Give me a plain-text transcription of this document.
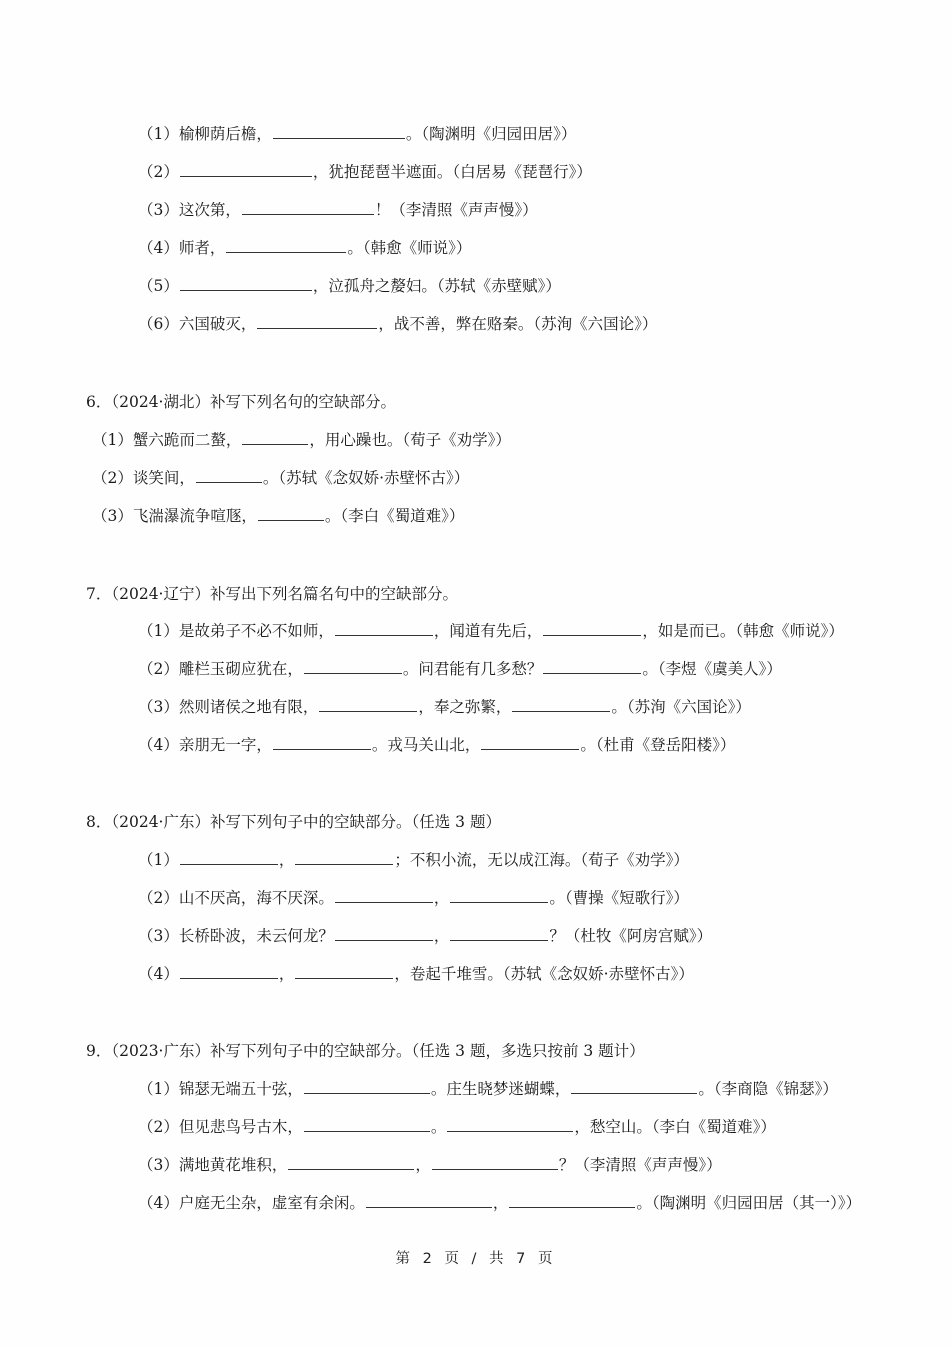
（1）榆柳荫后檐，	。（陶渊明《归园田居》）
（2）	，犹抱琵琶半遮面。（白居易《琵琶行》）
（3）这次第，	！（李清照《声声慢》）
（4）师者，	。（韩愈《师说》）
（5）	，泣孤舟之嫠妇。（苏轼《赤壁赋》）
（6）六国破灭，	，战不善，弊在赂秦。（苏洵《六国论》）
6．（2024·湖北）补写下列名句的空缺部分。
（1）蟹六跪而二螯，	，用心躁也。（荀子《劝学》）
（2）谈笑间，	。（苏轼《念奴娇·赤壁怀古》）
（3）飞湍瀑流争喧豗，	。（李白《蜀道难》）
7．（2024·辽宁）补写出下列名篇名句中的空缺部分。
（1）是故弟子不必不如师，	，闻道有先后，	，如是而已。（韩愈《师说》）
（2）雕栏玉砌应犹在，	。问君能有几多愁？	。（李煜《虞美人》）
（3）然则诸侯之地有限，	，奉之弥繁，	。（苏洵《六国论》）
（4）亲朋无一字，	。戎马关山北，	。（杜甫《登岳阳楼》）
8．（2024·广东）补写下列句子中的空缺部分。（任选 3 题）
（1）	，	；不积小流，无以成江海。（荀子《劝学》）
（2）山不厌高，海不厌深。	，	。（曹操《短歌行》）
（3）长桥卧波，未云何龙？	，	？（杜牧《阿房宫赋》）
（4）	，	，卷起千堆雪。（苏轼《念奴娇·赤壁怀古》）
9．（2023·广东）补写下列句子中的空缺部分。（任选 3 题，多选只按前 3 题计）
（1）锦瑟无端五十弦，	。庄生晓梦迷蝴蝶，	。（李商隐《锦瑟》）
（2）但见悲鸟号古木，	。	，愁空山。（李白《蜀道难》）
（3）满地黄花堆积，	，	？（李清照《声声慢》）
（4）户庭无尘杂，虚室有余闲。	，	。（陶渊明《归园田居（其一）》）
第 2 页 / 共 7 页
